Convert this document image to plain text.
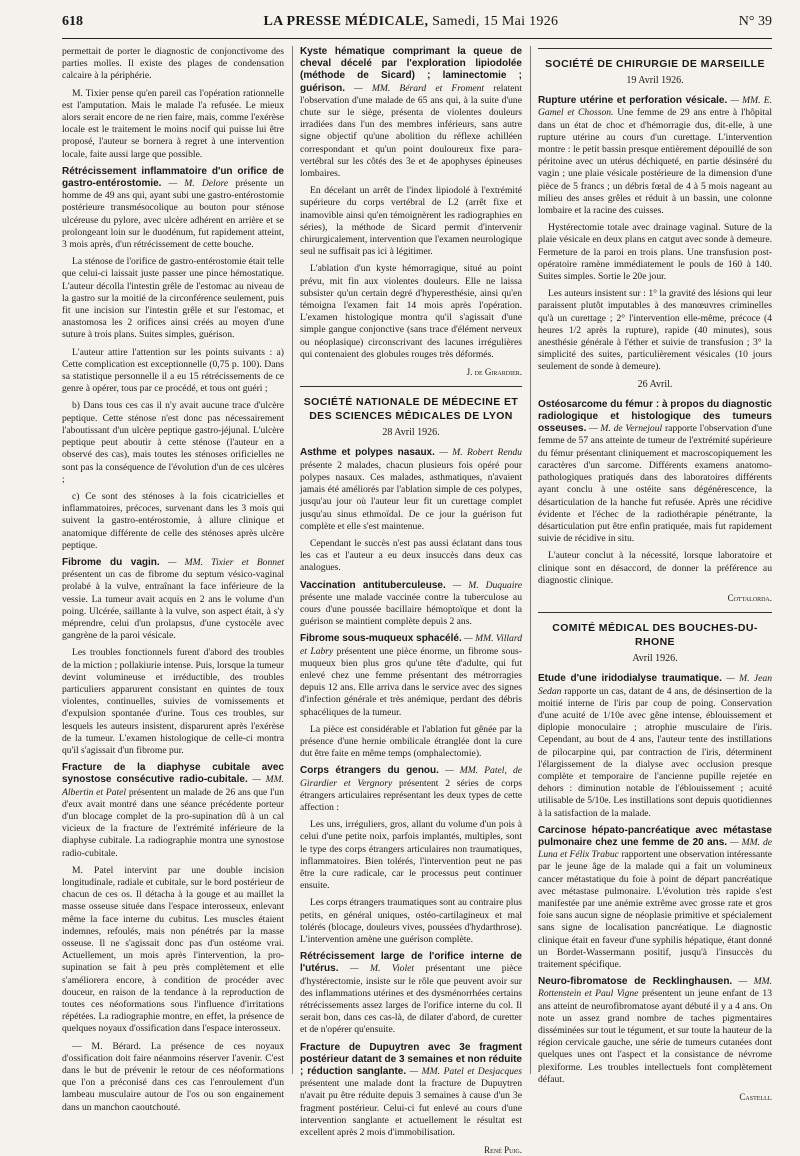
618	LA PRESSE MÉDICALE, Samedi, 15 Mai 1926	N° 39

permettait de porter le diagnostic de conjonctivome des parties molles. Il existe des plages de condensation calcaire à la périphérie.

M. Tixier pense qu'en pareil cas l'opération rationnelle est l'amputation. Mais le malade l'a refusée. Le mieux alors serait encore de ne rien faire, mais, comme l'exérèse locale est le traitement le moins nocif qui puisse lui être proposé, l'auteur se bornera à regret à une intervention locale, faite aussi large que possible.

Rétrécissement inflammatoire d'un orifice de gastro-entérostomie. — M. Delore présente un homme de 49 ans qui, ayant subi une gastro-entérostomie postérieure transmésocolique au bouton pour sténose ulcéreuse du pylore, avec ulcère adhérent en arrière et se prolongeant loin sur le duodénum, fut rapidement atteint, 3 mois après, d'un rétrécissement de cette bouche.

La sténose de l'orifice de gastro-entérostomie était telle que celui-ci laissait juste passer une pince hémostatique. L'auteur décolla l'intestin grêle de l'estomac au niveau de la gastro sur la moitié de la circonférence seulement, puis fit une incision sur l'intestin grêle et sur l'estomac, et anastomosa les 2 orifices ainsi créés au moyen d'une suture à trois plans. Suites simples, guérison.

L'auteur attire l'attention sur les points suivants : a) Cette complication est exceptionnelle (0,75 p. 100). Dans sa statistique personnelle il a eu 15 rétrécissements de ce genre à opérer, tous par ce procédé, et tous ont guéri ;

b) Dans tous ces cas il n'y avait aucune trace d'ulcère peptique. Cette sténose n'est donc pas nécessairement l'aboutissant d'un ulcère peptique gastro-jéjunal. L'ulcère peptique peut aboutir à cette sténose (l'auteur en a observé des cas), mais toutes les sténoses orificielles ne sont pas la conséquence de l'évolution d'un de ces ulcères ;

c) Ce sont des sténoses à la fois cicatricielles et inflammatoires, précoces, survenant dans les 3 mois qui suivent la gastro-entérostomie, à allure clinique et anatomique différente de celle des sténoses après ulcère peptique.

Fibrome du vagin. — MM. Tixier et Bonnet présentent un cas de fibrome du septum vésico-vaginal prolabé à la vulve, entraînant la face inférieure de la vessie. La tumeur avait acquis en 2 ans le volume d'un poing. Ulcérée, saillante à la vulve, son aspect était, à s'y méprendre, celui d'un prolapsus, d'une cystocèle avec gangrène de la paroi vésicale.

Les troubles fonctionnels furent d'abord des troubles de la miction ; pollakiurie intense. Puis, lorsque la tumeur devint volumineuse et irréductible, des troubles particuliers apparurent consistant en quintes de toux violentes, continuelles, suivies de vomissements et d'expulsion spontanée d'urine. Tous ces troubles, sur lesquels les auteurs insistent, disparurent après l'exérèse de la tumeur. L'examen histologique de celle-ci montra qu'il s'agissait d'un fibrome pur.

Fracture de la diaphyse cubitale avec synostose consécutive radio-cubitale. — MM. Albertin et Patel présentent un malade de 26 ans que l'un d'eux avait montré dans une séance précédente porteur d'un blocage complet de la pro-supination dû à un cal vicieux de la fracture de l'extrémité inférieure de la diaphyse cubitale. La radiographie montra une synostose radio-cubitale.

M. Patel intervint par une double incision longitudinale, radiale et cubitale, sur le bord postérieur de chacun de ces os. Il détacha à la gouge et au maillet la masse osseuse située dans l'espace interosseux, enlevant même la face interne du cubitus. Les muscles étaient indemnes, refoulés, mais non pénétrés par la masse osseuse. Il ne s'agissait donc pas d'un ostéome vrai. Actuellement, un mois après l'intervention, la pro-supination se fait à peu près complètement et elle s'améliorera encore, à condition de procéder avec douceur, en raison de la tendance à la reproduction de toutes ces néoformations sous l'influence d'irritations répétées. La radiographie montre, en effet, la présence de quelques noyaux d'ossification dans l'espace interosseux.

— M. Bérard. La présence de ces noyaux d'ossification doit faire néanmoins réserver l'avenir. C'est dans le but de prévenir le retour de ces néoformations que l'on a préconisé dans ces cas l'enroulement d'un lambeau musculaire autour de l'os ou son engainement dans un manchon caoutchouté.

Kyste hématique comprimant la queue de cheval décelé par l'exploration lipiodolée (méthode de Sicard) ; laminectomie ; guérison. — MM. Bérard et Froment relatent l'observation d'une malade de 65 ans qui, à la suite d'une chute sur le siège, présenta de violentes douleurs irradiées dans l'un des membres inférieurs, sans autre signe objectif qu'une abolition du réflexe achilléen correspondant et qu'un point douloureux fixe para-vertébral sur les côtés des 3e et 4e apophyses épineuses lombaires.

En décelant un arrêt de l'index lipiodolé à l'extrémité supérieure du corps vertébral de L2 (arrêt fixe et inamovible ainsi qu'en témoignèrent les radiographies en séries), la méthode de Sicard permit d'intervenir chirurgicalement, intervention que l'examen neurologique seul ne suffisait pas ici à légitimer.

L'ablation d'un kyste hémorragique, situé au point prévu, mit fin aux violentes douleurs. Elle ne laissa subsister qu'un certain degré d'hyperesthésie, ainsi qu'en témoigna l'examen fait 14 mois après l'opération. L'examen histologique montra qu'il s'agissait d'une simple gangue conjonctive (sans trace d'élément nerveux ou néoplasique) circonscrivant des lacunes irrégulières qui contenaient des globules rouges très déformés.

J. de Girardier.

SOCIÉTÉ NATIONALE DE MÉDECINE ET DES SCIENCES MÉDICALES DE LYON
28 Avril 1926.

Asthme et polypes nasaux. — M. Robert Rendu présente 2 malades, chacun plusieurs fois opéré pour polypes nasaux. Ces malades, asthmatiques, n'avaient jamais été améliorés par l'ablation simple de ces polypes, jusqu'au jour où l'auteur leur fit un curettage complet jusqu'au sinus ethmoïdal. De ce jour la guérison fut complète et elle s'est maintenue.

Cependant le succès n'est pas aussi éclatant dans tous les cas et l'auteur a eu deux insuccès dans deux cas analogues.

Vaccination antituberculeuse. — M. Duquaire présente une malade vaccinée contre la tuberculose au cours d'une poussée bacillaire hémoptoïque et dont la guérison se maintient complète depuis 2 ans.

Fibrome sous-muqueux sphacélé. — MM. Villard et Labry présentent une pièce énorme, un fibrome sous-muqueux bien plus gros qu'une tête d'adulte, qui fut enlevé chez une femme présentant des métrorragies depuis 12 ans. Elle arriva dans le service avec des signes d'infection générale et très anémique, perdant des débris sphacéliques de la tumeur.

La pièce est considérable et l'ablation fut gênée par la présence d'une hernie ombilicale étranglée dont la cure dut être faite en même temps (omphalectomie).

Corps étrangers du genou. — MM. Patel, de Girardier et Vergnory présentent 2 séries de corps étrangers articulaires représentant les deux types de cette affection :

Les uns, irréguliers, gros, allant du volume d'un pois à celui d'une petite noix, parfois implantés, multiples, sont le type des corps étrangers articulaires non traumatiques, inflammatoires. Bien tolérés, l'intervention peut ne pas être la cure radicale, car le processus peut continuer ensuite.

Les corps étrangers traumatiques sont au contraire plus petits, en général uniques, ostéo-cartilagineux et mal tolérés (blocage, douleurs vives, poussées d'hydarthrose). L'intervention amène une guérison complète.

Rétrécissement large de l'orifice interne de l'utérus. — M. Violet présentant une pièce d'hystérectomie, insiste sur le rôle que peuvent avoir sur des inflammations utérines et des dysménorrhées certains rétrécissements assez larges de l'orifice interne du col. Il serait bon, dans ces cas-là, de dilater d'abord, de curetter et de n'opérer qu'ensuite.

Fracture de Dupuytren avec 3e fragment postérieur datant de 3 semaines et non réduite ; réduction sanglante. — MM. Patel et Desjacques présentent une malade dont la fracture de Dupuytren n'avait pu être réduite depuis 3 semaines à cause d'un 3e fragment postérieur. Celui-ci fut enlevé au cours d'une intervention sanglante et actuellement le résultat est excellent après 2 mois d'immobilisation.

René Puig.

SOCIÉTÉ DE CHIRURGIE DE MARSEILLE
19 Avril 1926.

Rupture utérine et perforation vésicale. — MM. E. Gamel et Chosson. Une femme de 29 ans entre à l'hôpital dans un état de choc et d'hémorragie dus, dit-elle, à une rupture utérine au cours d'un curettage. L'intervention montre : le petit bassin presque entièrement dépouillé de son péritoine avec un utérus déchiqueté, en partie désinséré du vagin ; une plaie vésicale postérieure de la dimension d'une pièce de 5 francs ; un débris fœtal de 4 à 5 mois nageant au milieu des anses grêles et réduit à un bassin, une colonne lombaire et la racine des cuisses.

Hystérectomie totale avec drainage vaginal. Suture de la plaie vésicale en deux plans en catgut avec sonde à demeure. Fermeture de la paroi en trois plans. Une transfusion post-opératoire ramène immédiatement le pouls de 160 à 140. Suites simples. Sortie le 20e jour.

Les auteurs insistent sur : 1° la gravité des lésions qui leur paraissent plutôt imputables à des manœuvres criminelles qu'à un curettage ; 2° l'intervention elle-même, précoce (4 heures 1/2 après la rupture), rapide (40 minutes), sous anesthésie générale à l'éther et suivie de transfusion ; 3° la simplicité des suites, particulièrement vésicales (10 jours seulement de sonde à demeure).

26 Avril.

Ostéosarcome du fémur : à propos du diagnostic radiologique et histologique des tumeurs osseuses. — M. de Vernejoul rapporte l'observation d'une femme de 57 ans atteinte de tumeur de l'extrémité supérieure du fémur présentant cliniquement et macroscopiquement les caractères d'un sarcome. Différents examens anatomo-pathologiques pratiqués dans des laboratoires différents ayant conclu à une ostéite sans dégénérescence, la désarticulation de la hanche fut refusée. Après une récidive évidente et l'échec de la radiothérapie pénétrante, la désarticulation put être enfin pratiquée, mais fut rapidement suivie de récidive in situ.

L'auteur conclut à la nécessité, lorsque laboratoire et clinique sont en désaccord, de donner la préférence au diagnostic clinique.

Cottalorda.

COMITÉ MÉDICAL DES BOUCHES-DU-RHONE
Avril 1926.

Etude d'une iridodialyse traumatique. — M. Jean Sedan rapporte un cas, datant de 4 ans, de désinsertion de la moitié interne de l'iris par coup de poing. Conservation d'une acuité de 1/10e avec gêne intense, éblouissement et diplopie monoculaire ; atrophie musculaire de l'iris. Cependant, au bout de 4 ans, l'auteur tente des instillations de pilocarpine qui, par contraction de l'iris, déterminent l'élargissement de la dialyse avec occlusion presque complète et temporaire de l'ancienne pupille rejetée en dehors : diminution notable de l'éblouissement ; acuité utilisable de 5/10e. Les instillations sont depuis quotidiennes à la satisfaction de la malade.

Carcinose hépato-pancréatique avec métastase pulmonaire chez une femme de 20 ans. — MM. de Luna et Félix Trabuc rapportent une observation intéressante par le jeune âge de la malade qui a fait un volumineux cancer métastatique du foie à point de départ pancréatique avec métastase pulmonaire. L'évolution très rapide s'est manifestée par une anémie extrême avec grosse rate et gros foie sans aucun signe de néoplasie primitive et spécialement sans signe de localisation pancréatique. Le diagnostic clinique était en faveur d'une syphilis hépatique, étant donné un Bordet-Wassermann positif, jusqu'à l'insuccès du traitement spécifique.

Neuro-fibromatose de Recklinghausen. — MM. Rottenstein et Paul Vigne présentent un jeune enfant de 13 ans atteint de neurofibromatose ayant débuté il y a 4 ans. On note un assez grand nombre de taches pigmentaires disséminées sur tout le tégument, et sur toute la hauteur de la région cervicale gauche, une série de tumeurs cutanées dont quelques unes ont l'aspect et la consistance de névrome plexiforme. Les troubles intellectuels font complètement défaut.

Castelli.
